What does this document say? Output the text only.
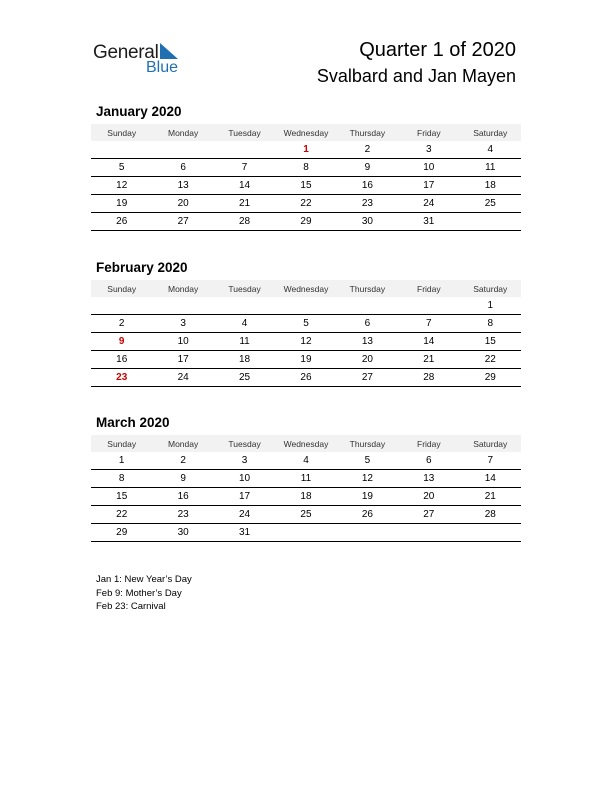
General
Blue
Quarter 1 of 2020
Svalbard and Jan Mayen
January 2020
Sunday	Monday	Tuesday	Wednesday	Thursday	Friday	Saturday
			1	2	3	4
5	6	7	8	9	10	11
12	13	14	15	16	17	18
19	20	21	22	23	24	25
26	27	28	29	30	31	
February 2020
Sunday	Monday	Tuesday	Wednesday	Thursday	Friday	Saturday
						1
2	3	4	5	6	7	8
9	10	11	12	13	14	15
16	17	18	19	20	21	22
23	24	25	26	27	28	29
March 2020
Sunday	Monday	Tuesday	Wednesday	Thursday	Friday	Saturday
1	2	3	4	5	6	7
8	9	10	11	12	13	14
15	16	17	18	19	20	21
22	23	24	25	26	27	28
29	30	31				
Jan 1: New Year’s Day
Feb 9: Mother’s Day
Feb 23: Carnival
